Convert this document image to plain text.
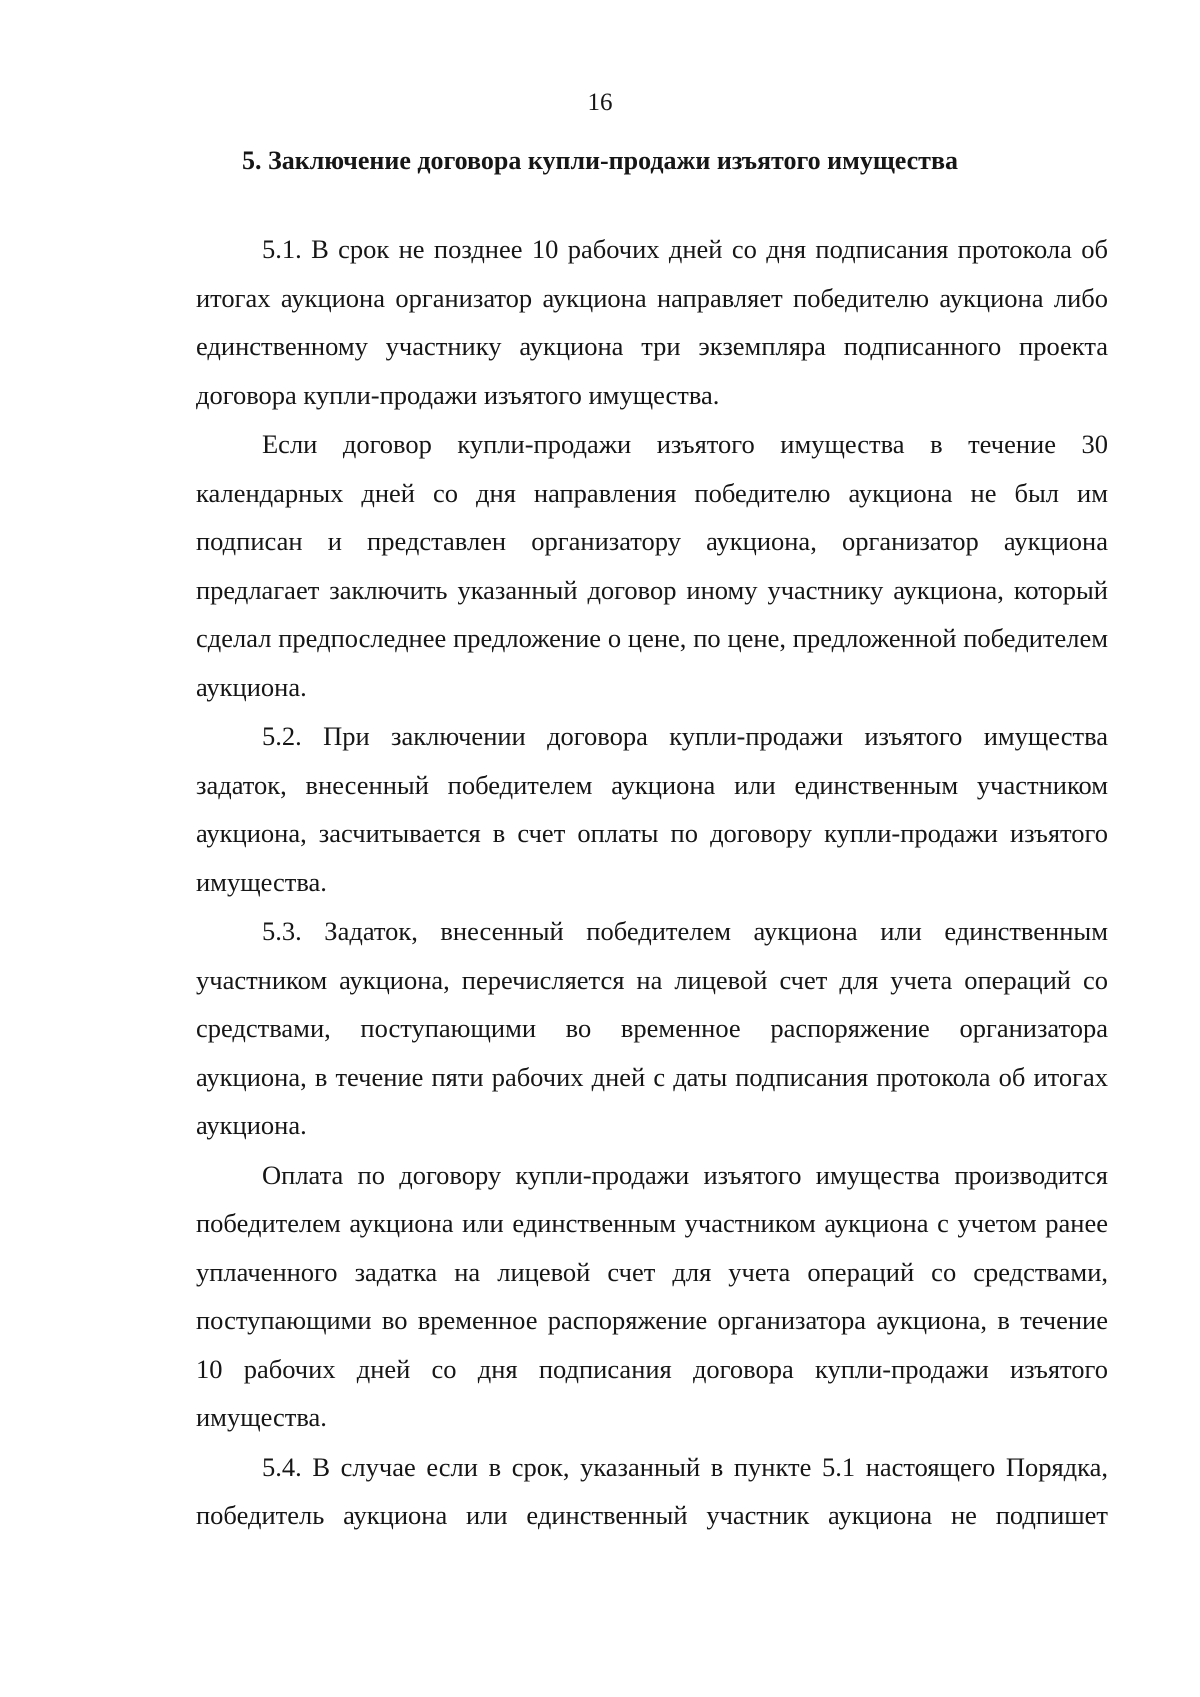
16
5. Заключение договора купли-продажи изъятого имущества

5.1. В срок не позднее 10 рабочих дней со дня подписания протокола об итогах аукциона организатор аукциона направляет победителю аукциона либо единственному участнику аукциона три экземпляра подписанного проекта договора купли-продажи изъятого имущества.

Если договор купли-продажи изъятого имущества в течение 30 календарных дней со дня направления победителю аукциона не был им подписан и представлен организатору аукциона, организатор аукциона предлагает заключить указанный договор иному участнику аукциона, который сделал предпоследнее предложение о цене, по цене, предложенной победителем аукциона.

5.2. При заключении договора купли-продажи изъятого имущества задаток, внесенный победителем аукциона или единственным участником аукциона, засчитывается в счет оплаты по договору купли-продажи изъятого имущества.

5.3. Задаток, внесенный победителем аукциона или единственным участником аукциона, перечисляется на лицевой счет для учета операций со средствами, поступающими во временное распоряжение организатора аукциона, в течение пяти рабочих дней с даты подписания протокола об итогах аукциона.

Оплата по договору купли-продажи изъятого имущества производится победителем аукциона или единственным участником аукциона с учетом ранее уплаченного задатка на лицевой счет для учета операций со средствами, поступающими во временное распоряжение организатора аукциона, в течение 10 рабочих дней со дня подписания договора купли-продажи изъятого имущества.

5.4. В случае если в срок, указанный в пункте 5.1 настоящего Порядка, победитель аукциона или единственный участник аукциона не подпишет
